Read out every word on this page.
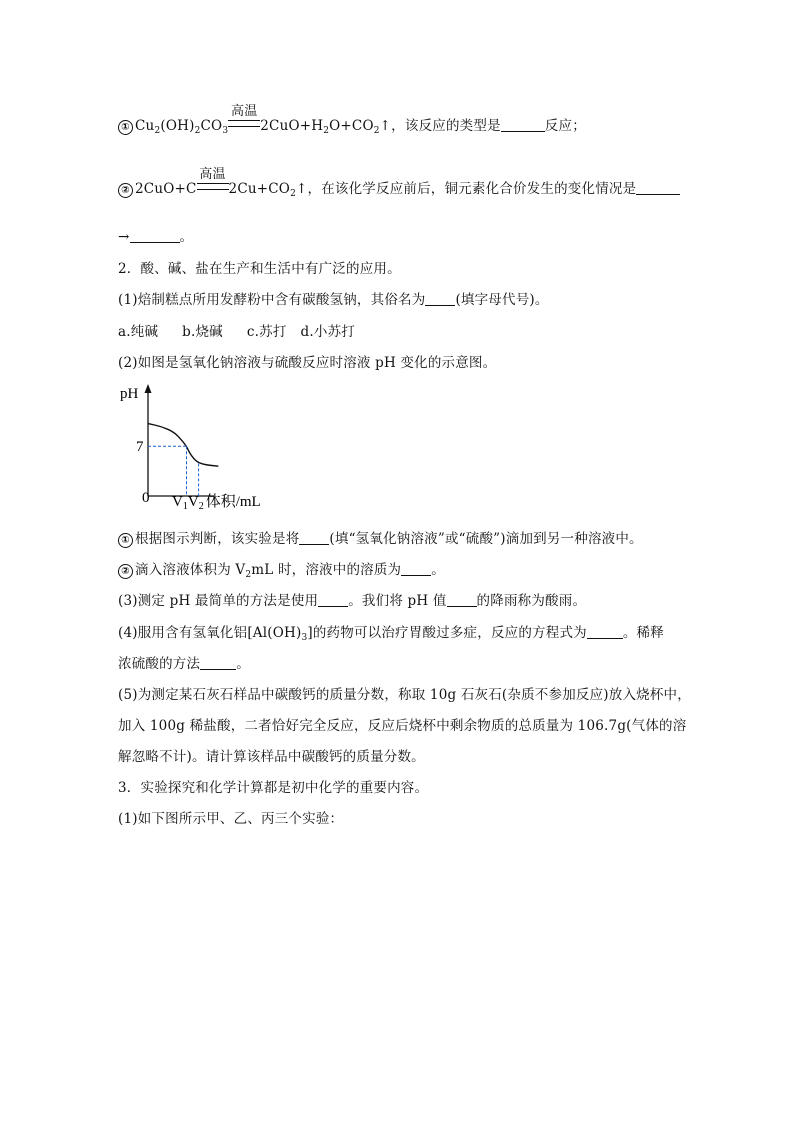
① $Cu_2(OH)_2CO_3$
高温
$2CuO+H_2O+CO_2↑$，该反应的类型是	反应；
② 2CuO+C
高温
$2Cu+CO_2↑$，在该化学反应前后，铜元素化合价发生的变化情况是
→	。
2．酸、碱、盐在生产和生活中有广泛的应用。
(1)焙制糕点所用发酵粉中含有碳酸氢钠，其俗名为 (填字母代号)。
a.纯碱 b.烧碱 c.苏打 d.小苏打
(2)如图是氢氧化钠溶液与硫酸反应时溶液 pH 变化的示意图。
pH
7
0 $V_1V_2$ 体积/mL
① 根据图示判断，该实验是将 (填“氢氧化钠溶液”或“硫酸”)滴加到另一种溶液中。
② 滴入溶液体积为 $V_2mL$ 时，溶液中的溶质为 。
(3)测定 pH 最简单的方法是使用 。我们将 pH 值 的降雨称为酸雨。
(4)服用含有氢氧化铝$[Al(OH)_3]$的药物可以治疗胃酸过多症，反应的方程式为	。稀释
浓硫酸的方法	。
(5)为测定某石灰石样品中碳酸钙的质量分数，称取 10g 石灰石(杂质不参加反应)放入烧杯中，
加入 100g 稀盐酸，二者恰好完全反应，反应后烧杯中剩余物质的总质量为 106.7g(气体的溶
解忽略不计)。请计算该样品中碳酸钙的质量分数。
3．实验探究和化学计算都是初中化学的重要内容。
(1)如下图所示甲、乙、丙三个实验：
